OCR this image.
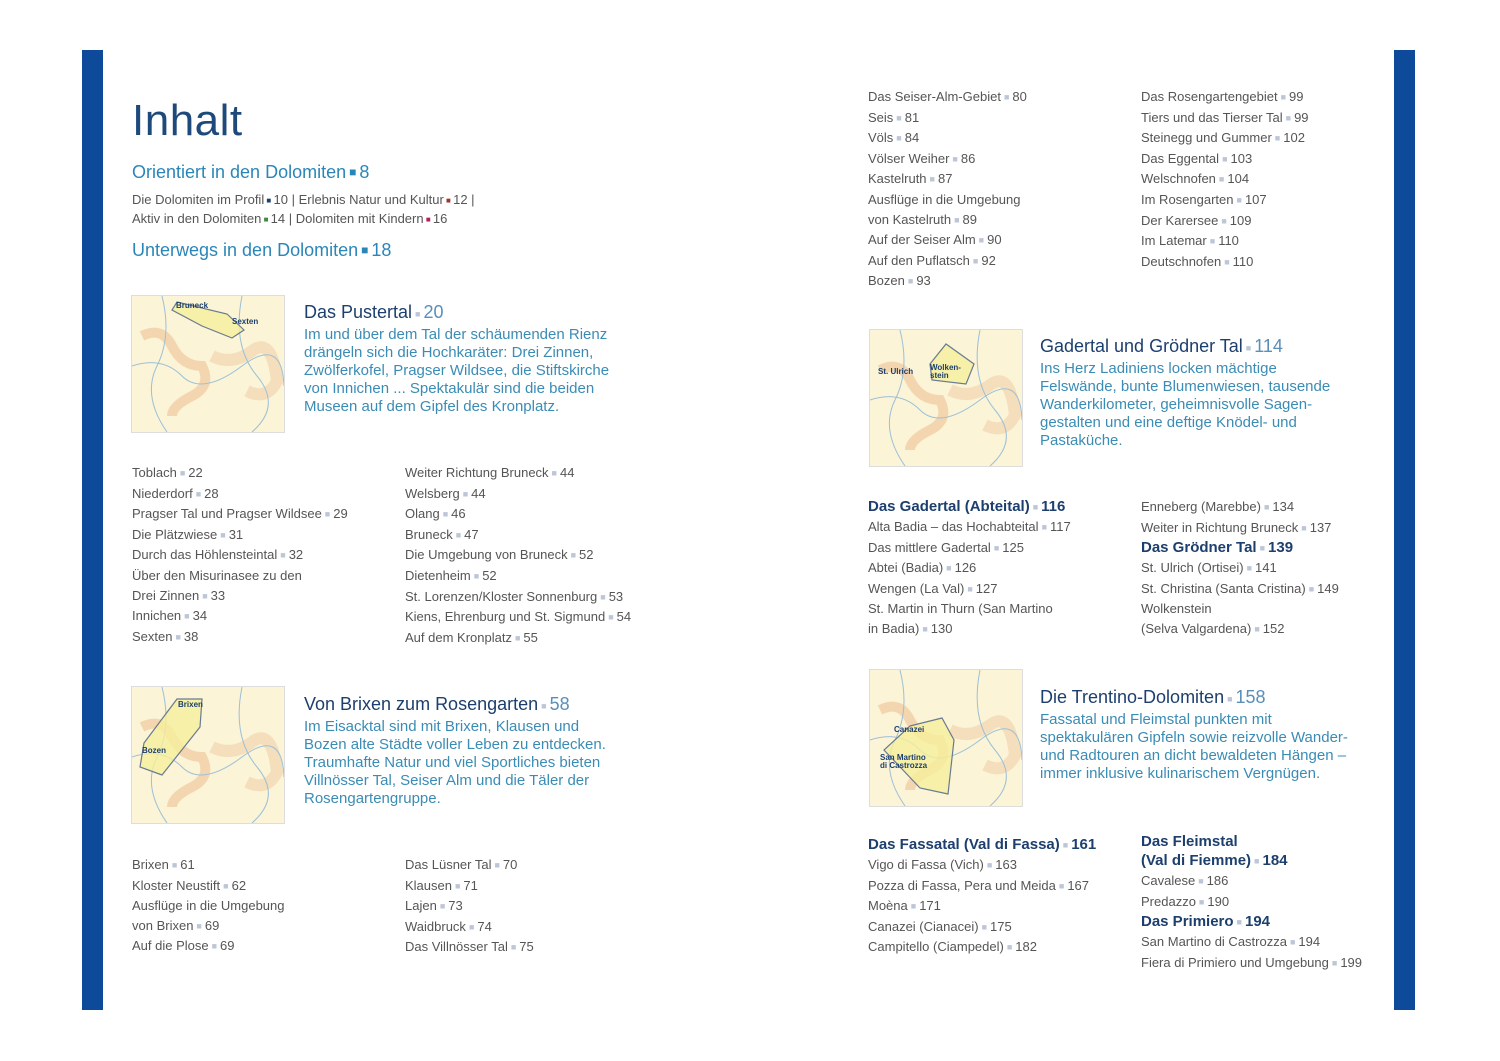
Inhalt
Orientiert in den Dolomiten ■ 8
Die Dolomiten im Profil ■ 10 | Erlebnis Natur und Kultur ■ 12 |
Aktiv in den Dolomiten ■ 14 | Dolomiten mit Kindern ■ 16
Unterwegs in den Dolomiten ■ 18
Bruneck
Sexten	Das Pustertal ■ 20
Im und über dem Tal der schäumenden Rienz
drängeln sich die Hochkaräter: Drei Zinnen,
Zwölferkofel, Pragser Wildsee, die Stiftskirche
von Innichen ... Spektakulär sind die beiden
Museen auf dem Gipfel des Kronplatz.
Toblach ■ 22
Niederdorf ■ 28
Pragser Tal und Pragser Wildsee ■ 29
Die Plätzwiese ■ 31
Durch das Höhlensteintal ■ 32
Über den Misurinasee zu den
Drei Zinnen ■ 33
Innichen ■ 34
Sexten ■ 38
Weiter Richtung Bruneck ■ 44
Welsberg ■ 44
Olang ■ 46
Bruneck ■ 47
Die Umgebung von Bruneck ■ 52
Dietenheim ■ 52
St. Lorenzen/Kloster Sonnenburg ■ 53
Kiens, Ehrenburg und St. Sigmund ■ 54
Auf dem Kronplatz ■ 55
Brixen
Bozen
Von Brixen zum Rosengarten ■ 58
Im Eisacktal sind mit Brixen, Klausen und
Bozen alte Städte voller Leben zu entdecken.
Traumhafte Natur und viel Sportliches bieten
Villnösser Tal, Seiser Alm und die Täler der
Rosengartengruppe.
Brixen ■ 61
Kloster Neustift ■ 62
Ausflüge in die Umgebung
von Brixen ■ 69
Auf die Plose ■ 69
Das Lüsner Tal ■ 70
Klausen ■ 71
Lajen ■ 73
Waidbruck ■ 74
Das Villnösser Tal ■ 75
Das Seiser-Alm-Gebiet ■ 80
Seis ■ 81
Völs ■ 84
Völser Weiher ■ 86
Kastelruth ■ 87
Ausflüge in die Umgebung
von Kastelruth ■ 89
Auf der Seiser Alm ■ 90
Auf den Puflatsch ■ 92
Bozen ■ 93
Das Rosengartengebiet ■ 99
Tiers und das Tierser Tal ■ 99
Steinegg und Gummer ■ 102
Das Eggental ■ 103
Welschnofen ■ 104
Im Rosengarten ■ 107
Der Karersee ■ 109
Im Latemar ■ 110
Deutschnofen ■ 110
St. Ulrich Wolken-
stein
Gadertal und Grödner Tal ■ 114
Ins Herz Ladiniens locken mächtige
Felswände, bunte Blumenwiesen, tausende
Wanderkilometer, geheimnisvolle Sagen-
gestalten und eine deftige Knödel- und
Pastaküche.
Das Gadertal (Abteital) ■ 116
Alta Badia – das Hochabteital ■ 117
Das mittlere Gadertal ■ 125
Abtei (Badia) ■ 126
Wengen (La Val) ■ 127
St. Martin in Thurn (San Martino
in Badia) ■ 130
Enneberg (Marebbe) ■ 134
Weiter in Richtung Bruneck ■ 137
Das Grödner Tal ■ 139
St. Ulrich (Ortisei) ■ 141
St. Christina (Santa Cristina) ■ 149
Wolkenstein
(Selva Valgardena) ■ 152
Canazei
San Martino
di Castrozza
Die Trentino-Dolomiten ■ 158
Fassatal und Fleimstal punkten mit
spektakulären Gipfeln sowie reizvolle Wander-
und Radtouren an dicht bewaldeten Hängen –
immer inklusive kulinarischem Vergnügen.
Das Fassatal (Val di Fassa) ■ 161
Vigo di Fassa (Vich) ■ 163
Pozza di Fassa, Pera und Meida ■ 167
Moèna ■ 171
Canazei (Cianacei) ■ 175
Campitello (Ciampedel) ■ 182
Das Fleimstal
(Val di Fiemme) ■ 184
Cavalese ■ 186
Predazzo ■ 190
Das Primiero ■ 194
San Martino di Castrozza ■ 194
Fiera di Primiero und Umgebung ■ 199
